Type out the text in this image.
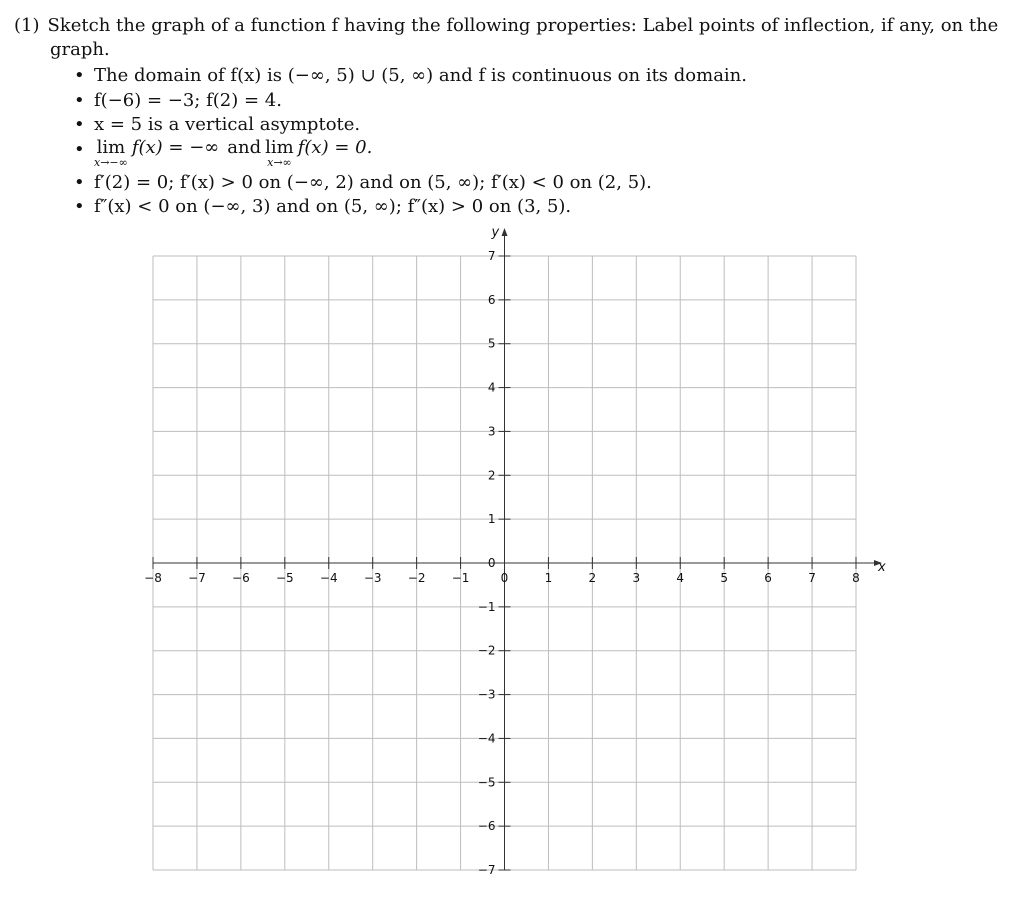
(1) Sketch the graph of a function f having the following properties: Label points of inflection, if any, on the
graph.
• The domain of f(x) is (−∞, 5) ∪ (5, ∞) and f is continuous on its domain.
• f(−6) = −3; f(2) = 4.
• x = 5 is a vertical asymptote.
• lim
x→−∞
f(x) = −∞ and lim
x→∞
f(x) = 0.
• f′(2) = 0; f′(x) > 0 on (−∞, 2) and on (5, ∞); f′(x) < 0 on (2, 5).
• f″(x) < 0 on (−∞, 3) and on (5, ∞); f″(x) > 0 on (3, 5).
−8 −7 −6 −5 −4 −3 −2 −1	0	1	2	3	4	5	6	7	8
7
6
5
4
3
2
1
0
−1
−2
−3
−4
−5
−6
−7
x
y
